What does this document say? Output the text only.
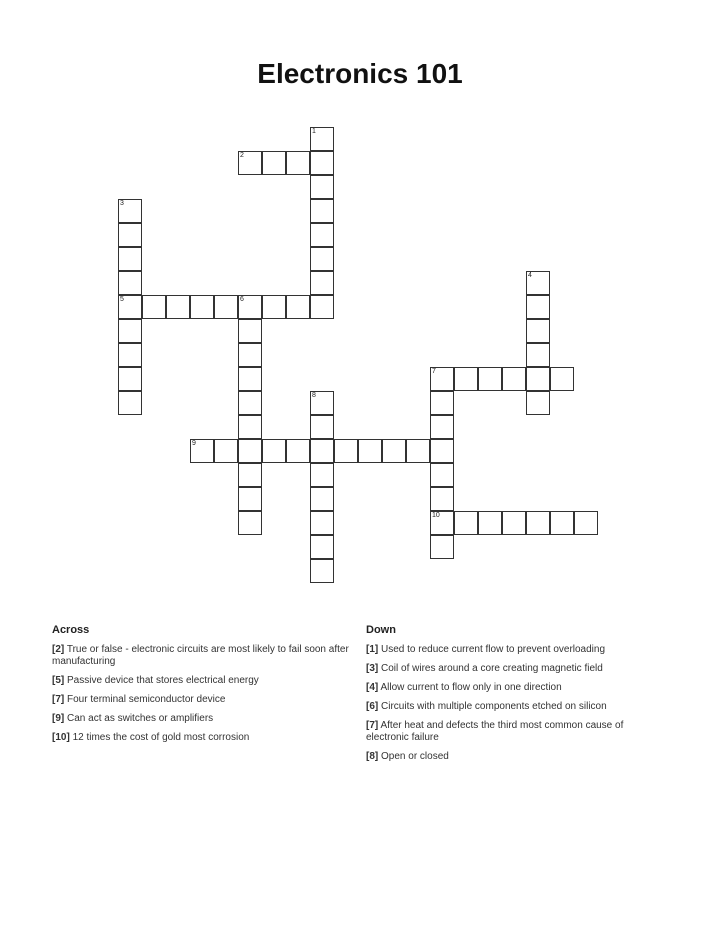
Electronics 101
1
2
3
5	6
4
7
10
8
9
Across
[2] True or false - electronic circuits are most likely to fail soon after manufacturing
[5] Passive device that stores electrical energy
[7] Four terminal semiconductor device
[9] Can act as switches or amplifiers
[10] 12 times the cost of gold most corrosion
Down
[1] Used to reduce current flow to prevent overloading
[3] Coil of wires around a core creating magnetic field
[4] Allow current to flow only in one direction
[6] Circuits with multiple components etched on silicon
[7] After heat and defects the third most common cause of electronic failure
[8] Open or closed
